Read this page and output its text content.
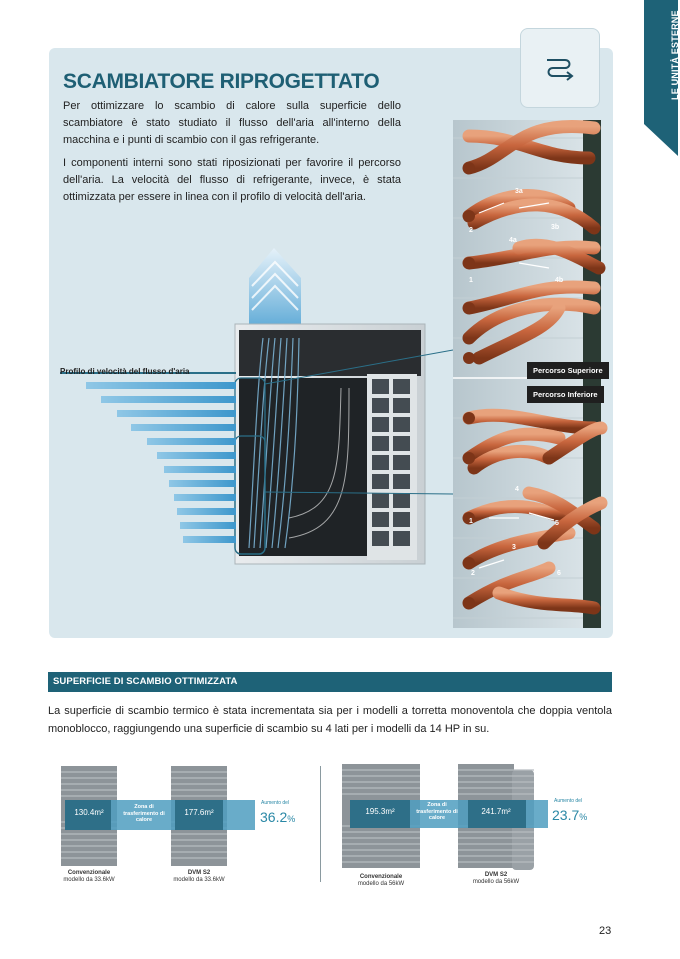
LE UNITÀ ESTERNE
3a
3b
2
4a
4b
1
4
1	5
3
2	6
SCAMBIATORE RIPROGETTATO

Per ottimizzare lo scambio di calore sulla superficie dello scambiatore è stato studiato il flusso dell'aria all'interno della macchina e i punti di scambio con il gas refrigerante.

I componenti interni sono stati riposizionati per favorire il percorso dell'aria. La velocità del flusso di refrigerante, invece, è stata ottimizzata per essere in linea con il profilo di velocità dell'aria.

Profilo di velocità del flusso d'aria	Percorso Superiore
Percorso Inferiore
SUPERFICIE DI SCAMBIO OTTIMIZZATA
La superficie di scambio termico è stata incrementata sia per i modelli a torretta monoventola che doppia ventola monoblocco, raggiungendo una superficie di scambio su 4 lati per i modelli da 14 HP in su.
130.4m²
Zona di trasferimento di calore
177.6m²
Aumento del
36.2%
Convenzionale
modello da 33.6kW
DVM S2
modello da 33.6kW
195.3m²
Zona di trasferimento di calore
241.7m²
Aumento del
23.7%
Convenzionale
modello da 56kW
DVM S2
modello da 56kW
23
